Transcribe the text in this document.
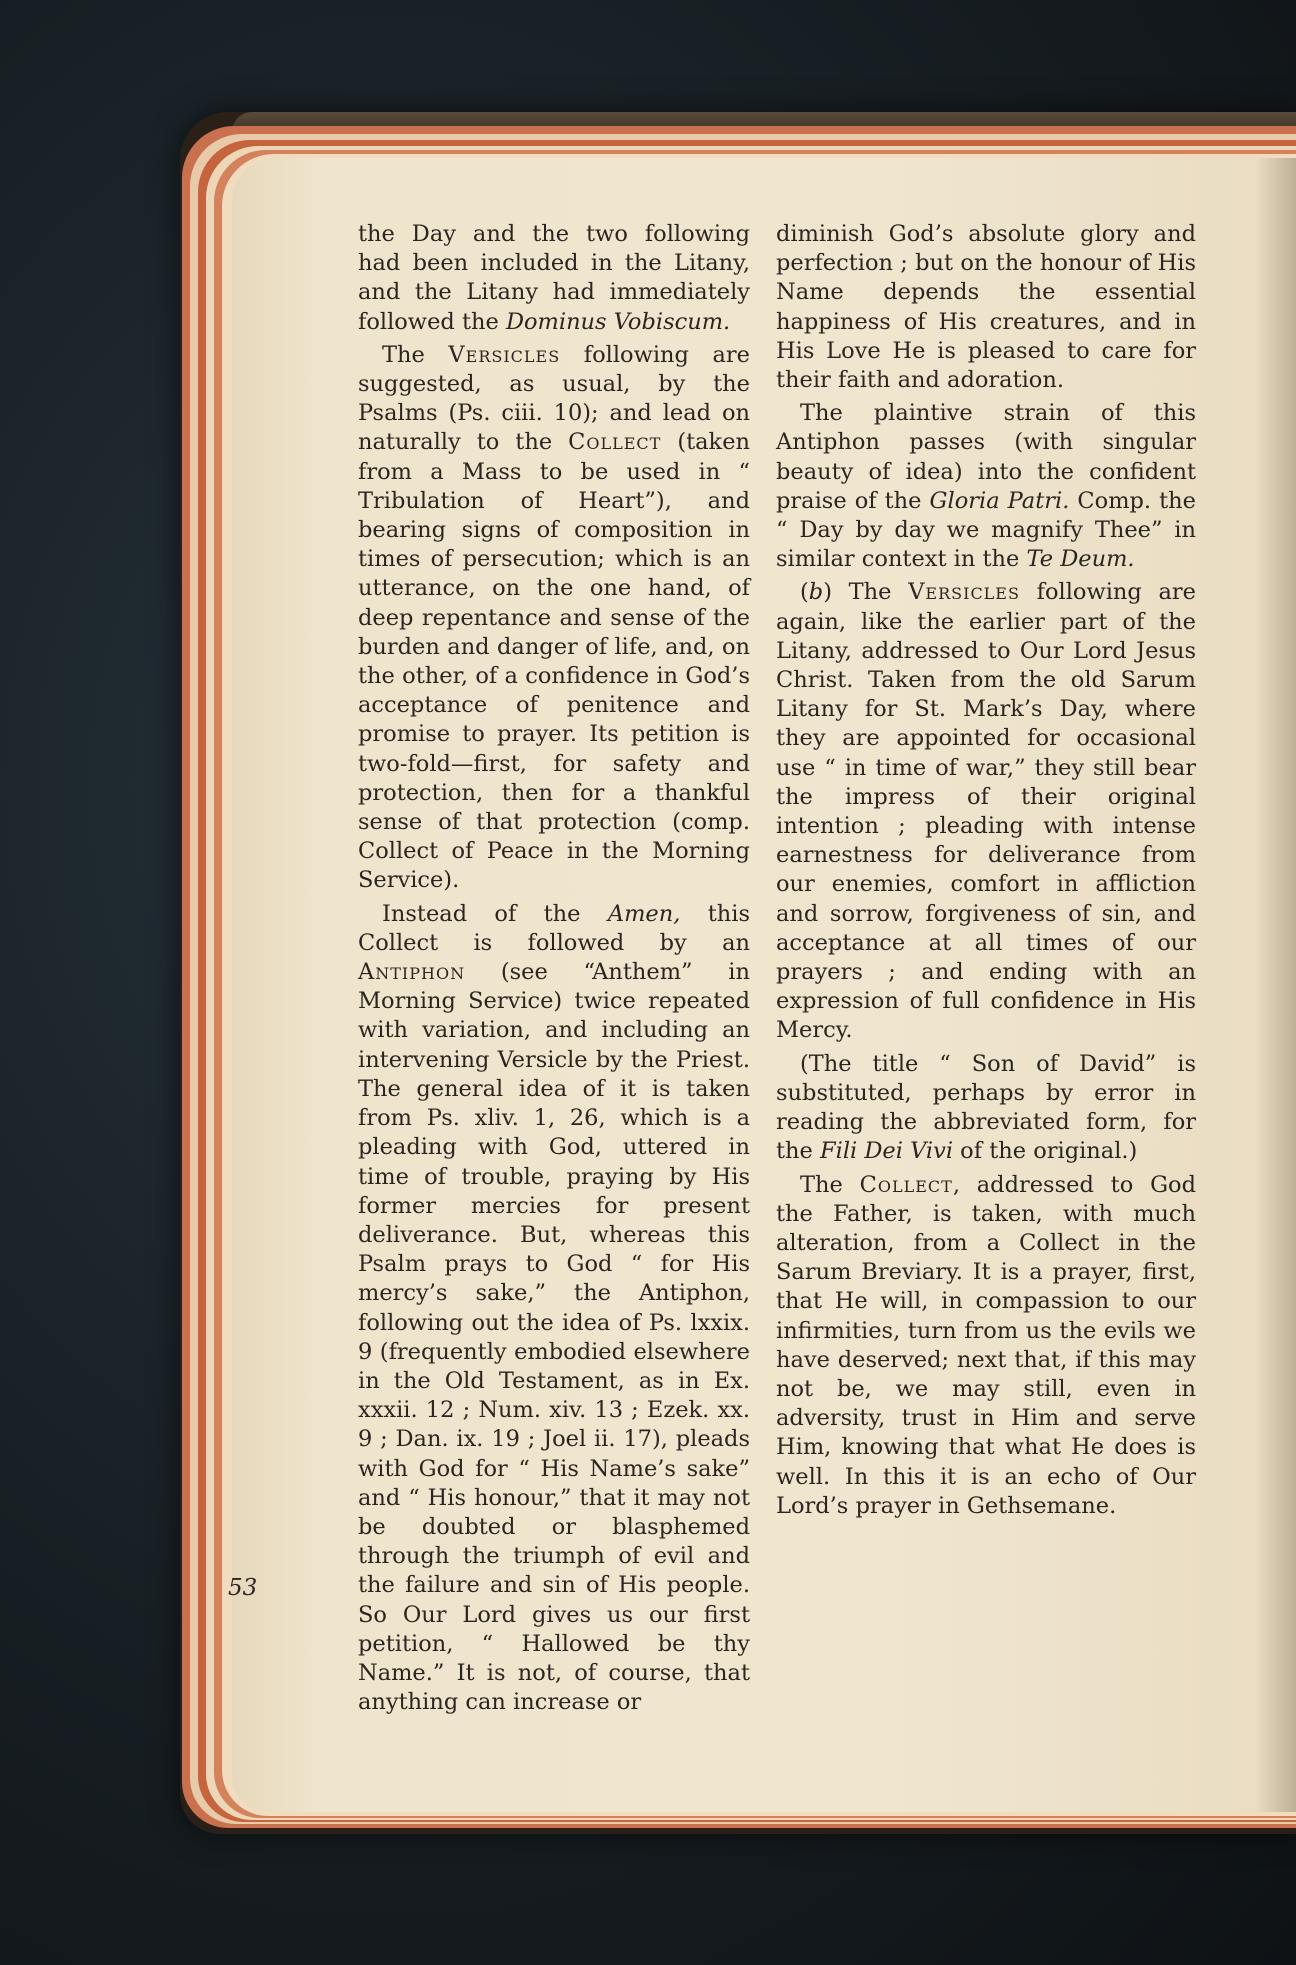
the Day and the two following had been included in the Litany, and the Litany had immediately followed the Dominus Vobiscum.

The Versicles following are suggested, as usual, by the Psalms (Ps. ciii. 10); and lead on naturally to the Collect (taken from a Mass to be used in “ Tribulation of Heart”), and bearing signs of composition in times of persecution; which is an utterance, on the one hand, of deep repentance and sense of the burden and danger of life, and, on the other, of a confidence in God’s acceptance of penitence and promise to prayer. Its petition is two-fold—first, for safety and protection, then for a thankful sense of that protection (comp. Collect of Peace in the Morning Service).

Instead of the Amen, this Collect is followed by an Antiphon (see “Anthem” in Morning Service) twice repeated with variation, and including an intervening Versicle by the Priest. The general idea of it is taken from Ps. xliv. 1, 26, which is a pleading with God, uttered in time of trouble, praying by His former mercies for present deliverance. But, whereas this Psalm prays to God “ for His mercy’s sake,” the Antiphon, following out the idea of Ps. lxxix. 9 (frequently embodied elsewhere in the Old Testament, as in Ex. xxxii. 12 ; Num. xiv. 13 ; Ezek. xx. 9 ; Dan. ix. 19 ; Joel ii. 17), pleads with God for “ His Name’s sake” and “ His honour,” that it may not be doubted or blasphemed through the triumph of evil and the failure and sin of His people. So Our Lord gives us our first petition, “ Hallowed be thy Name.” It is not, of course, that anything can increase or

diminish God’s absolute glory and perfection ; but on the honour of His Name depends the essential happiness of His creatures, and in His Love He is pleased to care for their faith and adoration.

The plaintive strain of this Antiphon passes (with singular beauty of idea) into the confident praise of the Gloria Patri. Comp. the “ Day by day we magnify Thee” in similar context in the Te Deum.

(b) The Versicles following are again, like the earlier part of the Litany, addressed to Our Lord Jesus Christ. Taken from the old Sarum Litany for St. Mark’s Day, where they are appointed for occasional use “ in time of war,” they still bear the impress of their original intention ; pleading with intense earnestness for deliverance from our enemies, comfort in affliction and sorrow, forgiveness of sin, and acceptance at all times of our prayers ; and ending with an expression of full confidence in His Mercy.

(The title “ Son of David” is substituted, perhaps by error in reading the abbreviated form, for the Fili Dei Vivi of the original.)

The Collect, addressed to God the Father, is taken, with much alteration, from a Collect in the Sarum Breviary. It is a prayer, first, that He will, in compassion to our infirmities, turn from us the evils we have deserved; next that, if this may not be, we may still, even in adversity, trust in Him and serve Him, knowing that what He does is well. In this it is an echo of Our Lord’s prayer in Gethsemane.

53
